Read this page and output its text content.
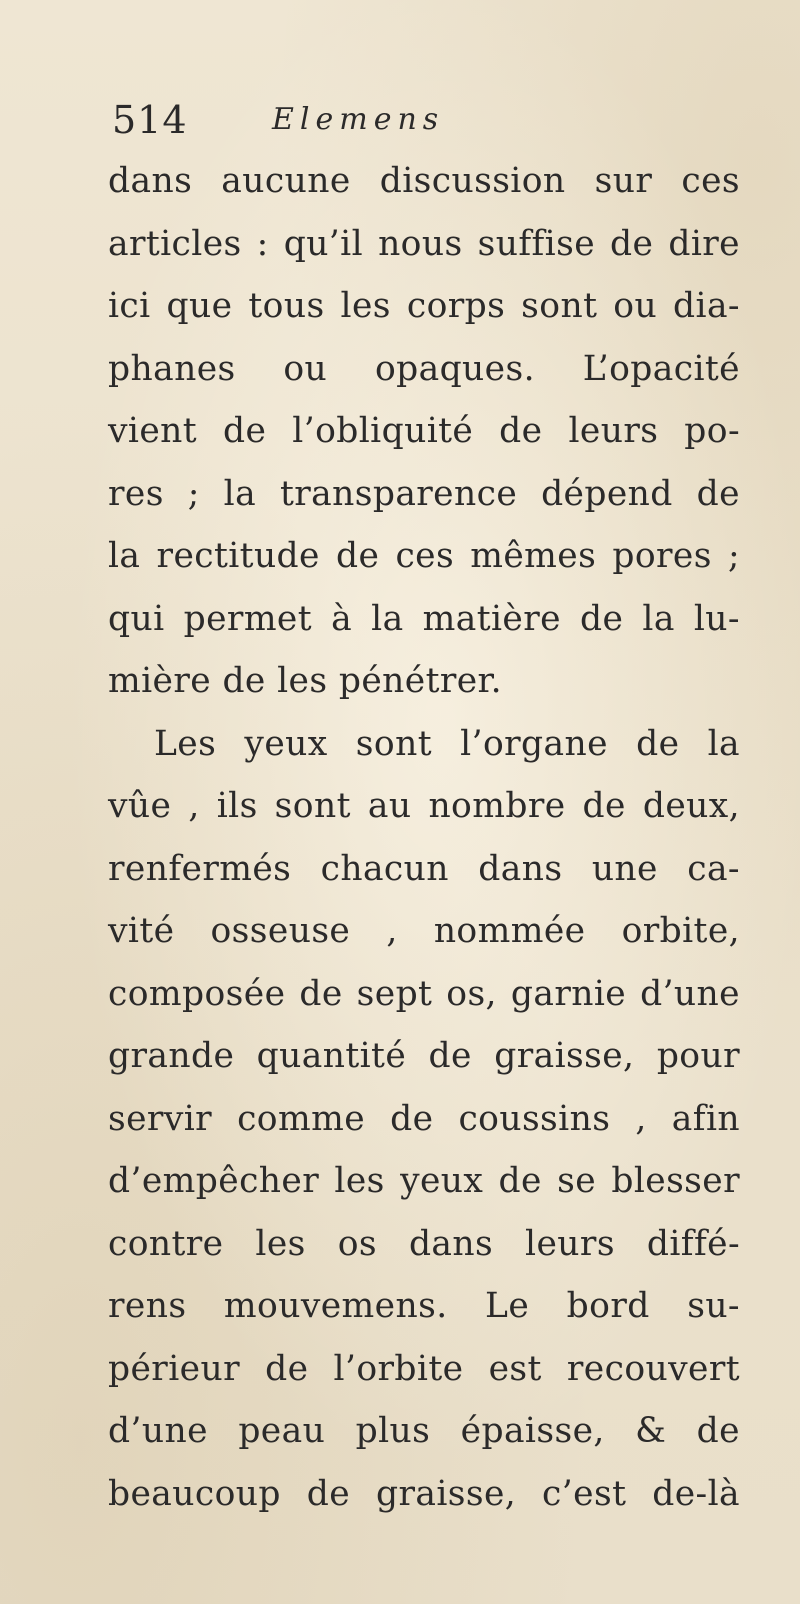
514	Elemens
dans aucune discussion sur ces
articles : qu’il nous suffise de dire
ici que tous les corps sont ou dia-
phanes ou opaques. L’opacité
vient de l’obliquité de leurs po-
res ; la transparence dépend de
la rectitude de ces mêmes pores ;
qui permet à la matière de la lu-
mière de les pénétrer.
Les yeux sont l’organe de la
vûe , ils sont au nombre de deux,
renfermés chacun dans une ca-
vité osseuse , nommée orbite,
composée de sept os, garnie d’une
grande quantité de graisse, pour
servir comme de coussins , afin
d’empêcher les yeux de se blesser
contre les os dans leurs diffé-
rens mouvemens. Le bord su-
périeur de l’orbite est recouvert
d’une peau plus épaisse, & de
beaucoup de graisse, c’est de-là
